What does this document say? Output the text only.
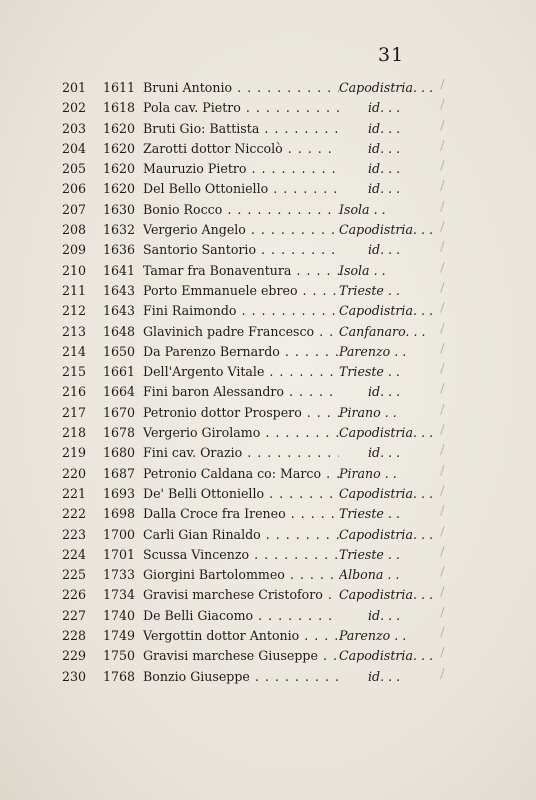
31
201	1611 Bruni Antonio . . .	Capodistria. . .
202	1618 Pola cav. Pietro . . .	id. . .
203	1620 Bruti Gio: Battista . . .	id. . .
204	1620 Zarotti dottor Niccolò . . .	id. . .
205	1620 Mauruzio Pietro . . .	id. . .
206	1620 Del Bello Ottoniello . . .	id. . .
207	1630 Bonio Rocco . . .	Isola . .
208	1632 Vergerio Angelo . . .	Capodistria. . .
209	1636 Santorio Santorio . . .	id. . .
210	1641 Tamar fra Bonaventura . . .	Isola . .
211	1643 Porto Emmanuele ebreo . . .	Trieste . .
212	1643 Fini Raimondo . . .	Capodistria. . .
213	1648 Glavinich padre Francesco . . .	Canfanaro. . .
214	1650 Da Parenzo Bernardo . . .	Parenzo . .
215	1661 Dell'Argento Vitale . . .	Trieste . .
216	1664 Fini baron Alessandro . . .	id. . .
217	1670 Petronio dottor Prospero . . .	Pirano . .
218	1678 Vergerio Girolamo . . .	Capodistria. . .
219	1680 Fini cav. Orazio . . .	id. . .
220	1687 Petronio Caldana co: Marco . . .	Pirano . .
221	1693 De' Belli Ottoniello . . .	Capodistria. . .
222	1698 Dalla Croce fra Ireneo . . .	Trieste . .
223	1700 Carli Gian Rinaldo . . .	Capodistria. . .
224	1701 Scussa Vincenzo . . .	Trieste . .
225	1733 Giorgini Bartolommeo . . .	Albona . .
226	1734 Gravisi marchese Cristoforo . . .	Capodistria. . .
227	1740 De Belli Giacomo . . .	id. . .
228	1749 Vergottin dottor Antonio . . .	Parenzo . .
229	1750 Gravisi marchese Giuseppe . . .	Capodistria. . .
230	1768 Bonzio Giuseppe . . .	id. . .
